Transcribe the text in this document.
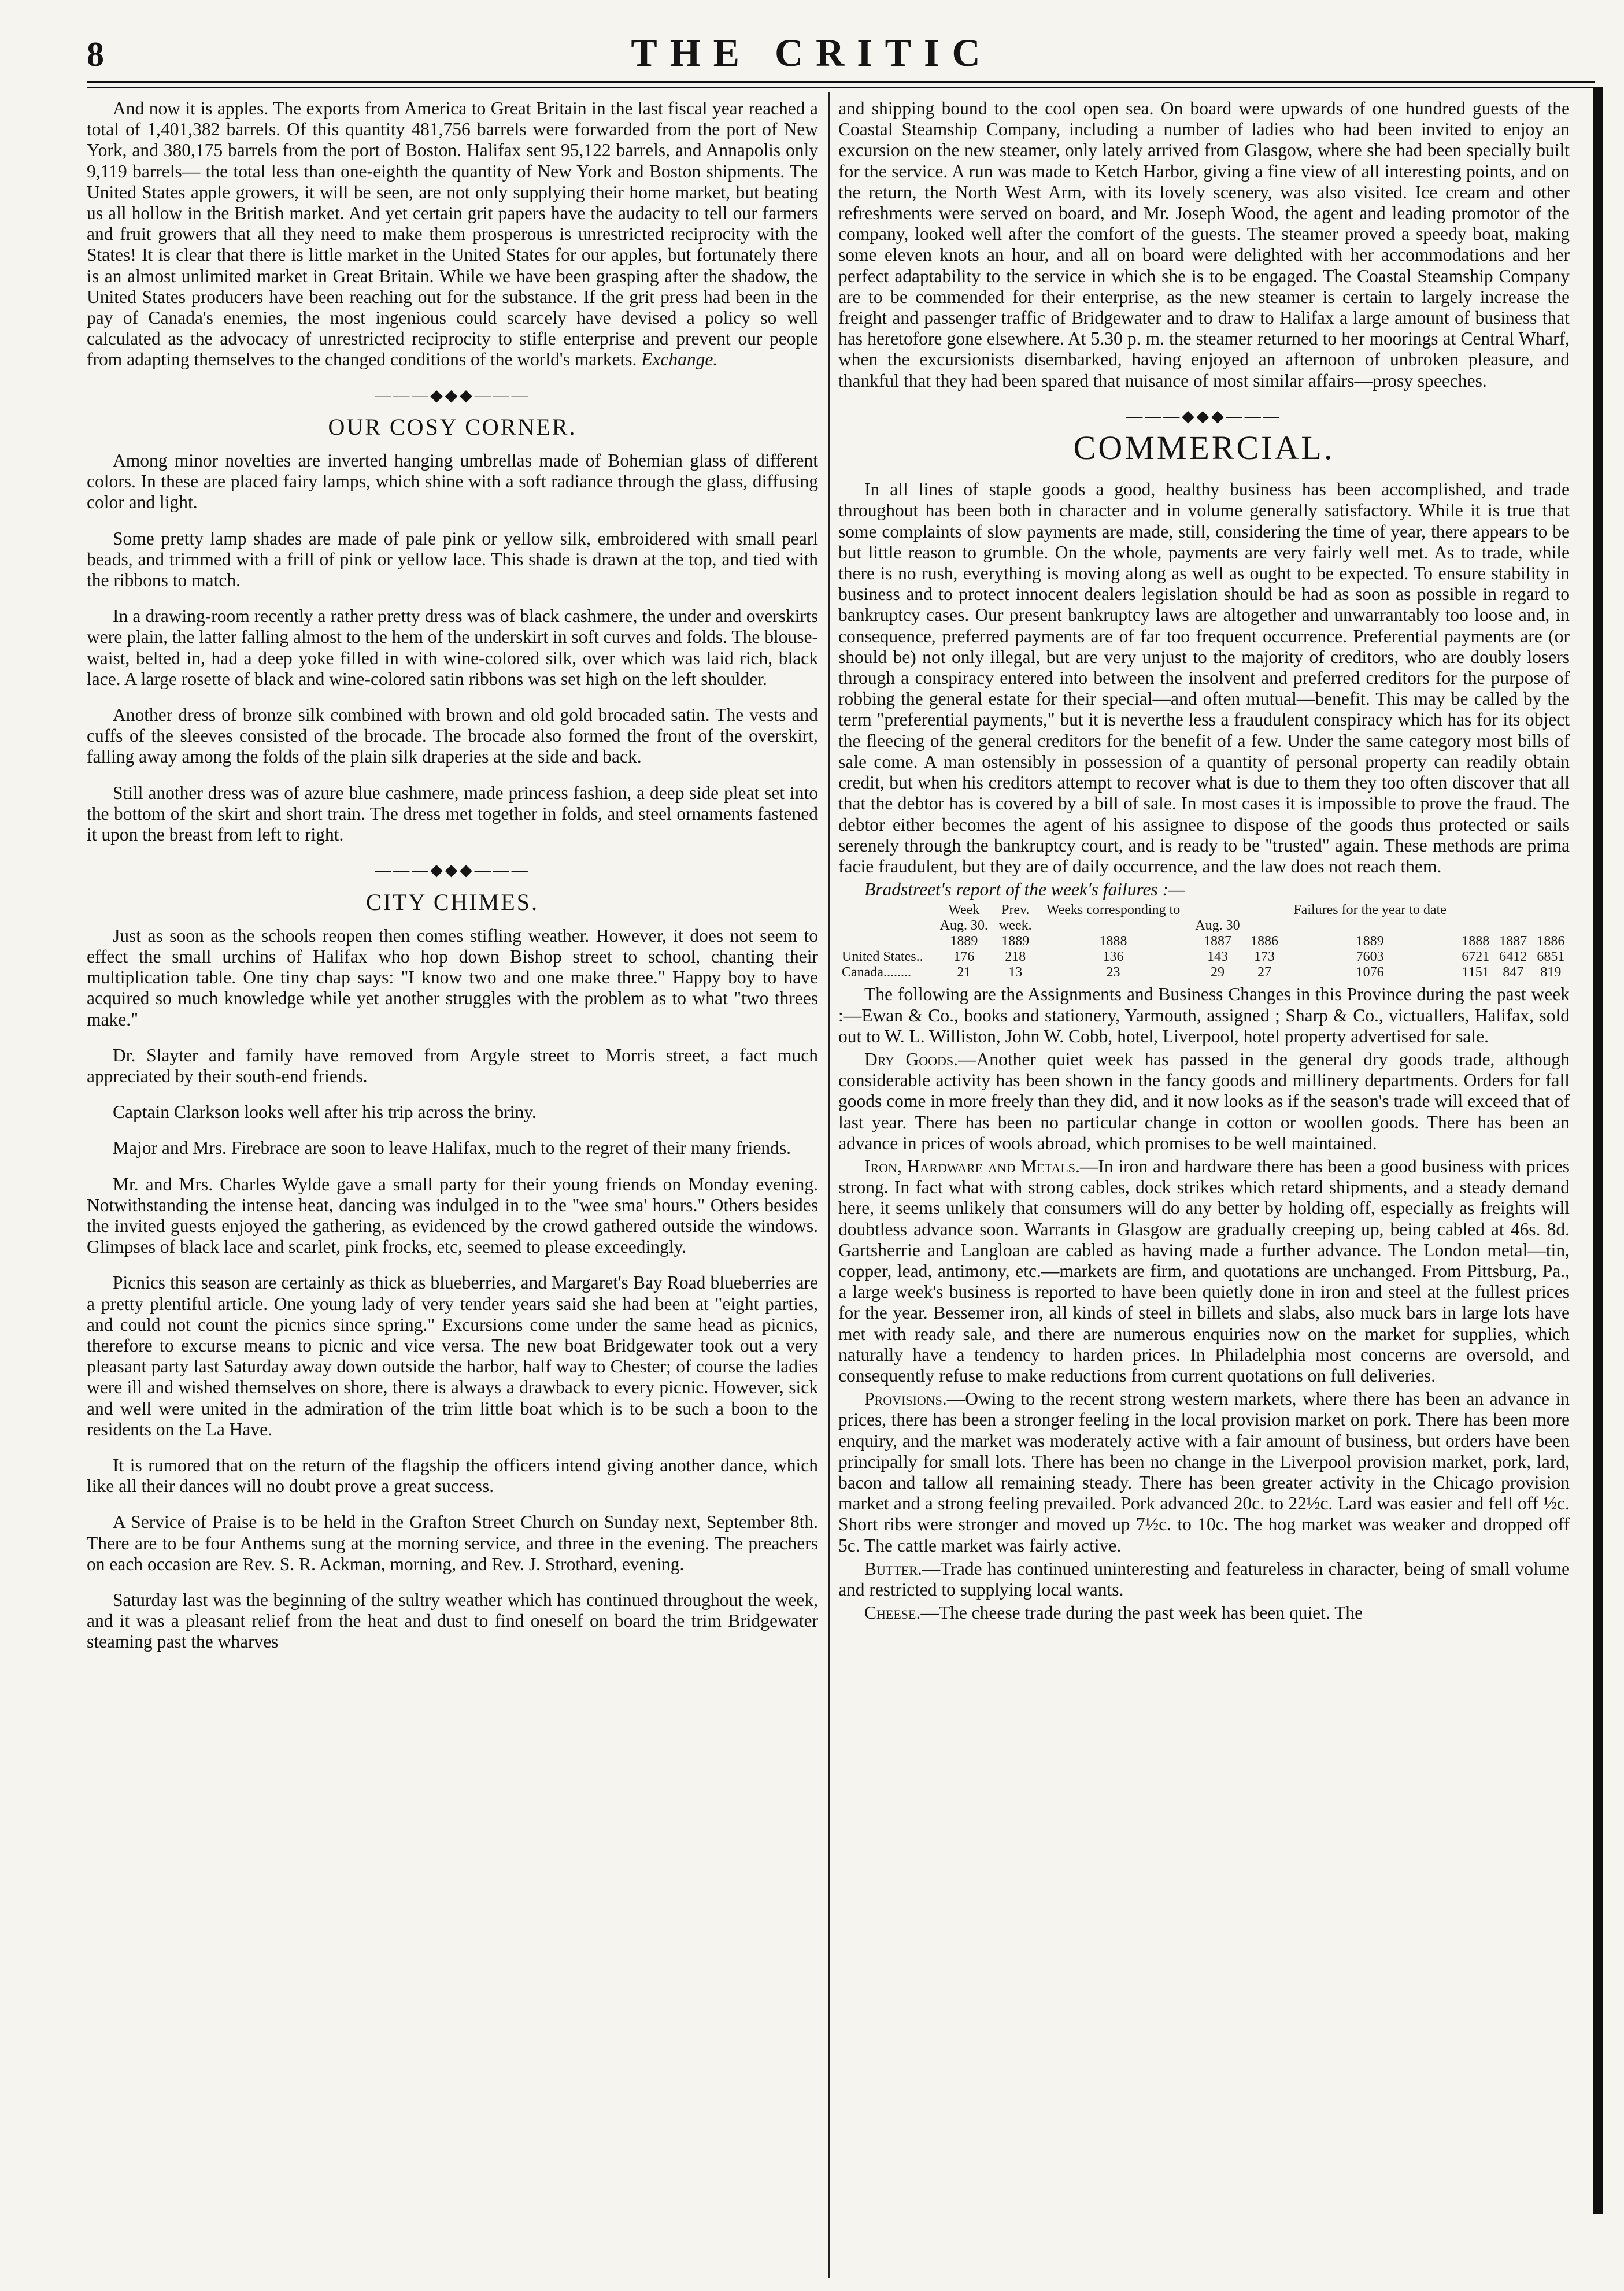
8	THE CRITIC

And now it is apples. The exports from America to Great Britain in the last fiscal year reached a total of 1,401,382 barrels. Of this quantity 481,756 barrels were forwarded from the port of New York, and 380,175 barrels from the port of Boston. Halifax sent 95,122 barrels, and Annapolis only 9,119 barrels— the total less than one-eighth the quantity of New York and Boston shipments. The United States apple growers, it will be seen, are not only supplying their home market, but beating us all hollow in the British market. And yet certain grit papers have the audacity to tell our farmers and fruit growers that all they need to make them prosperous is unrestricted reciprocity with the States! It is clear that there is little market in the United States for our apples, but fortunately there is an almost unlimited market in Great Britain. While we have been grasping after the shadow, the United States producers have been reaching out for the substance. If the grit press had been in the pay of Canada's enemies, the most ingenious could scarcely have devised a policy so well calculated as the advocacy of unrestricted reciprocity to stifle enterprise and prevent our people from adapting themselves to the changed conditions of the world's markets. Exchange.

———◆◆◆———
OUR COSY CORNER.

Among minor novelties are inverted hanging umbrellas made of Bohemian glass of different colors. In these are placed fairy lamps, which shine with a soft radiance through the glass, diffusing color and light.

Some pretty lamp shades are made of pale pink or yellow silk, embroidered with small pearl beads, and trimmed with a frill of pink or yellow lace. This shade is drawn at the top, and tied with the ribbons to match.

In a drawing-room recently a rather pretty dress was of black cashmere, the under and overskirts were plain, the latter falling almost to the hem of the underskirt in soft curves and folds. The blouse-waist, belted in, had a deep yoke filled in with wine-colored silk, over which was laid rich, black lace. A large rosette of black and wine-colored satin ribbons was set high on the left shoulder.

Another dress of bronze silk combined with brown and old gold brocaded satin. The vests and cuffs of the sleeves consisted of the brocade. The brocade also formed the front of the overskirt, falling away among the folds of the plain silk draperies at the side and back.

Still another dress was of azure blue cashmere, made princess fashion, a deep side pleat set into the bottom of the skirt and short train. The dress met together in folds, and steel ornaments fastened it upon the breast from left to right.

———◆◆◆———
CITY CHIMES.

Just as soon as the schools reopen then comes stifling weather. However, it does not seem to effect the small urchins of Halifax who hop down Bishop street to school, chanting their multiplication table. One tiny chap says: "I know two and one make three." Happy boy to have acquired so much knowledge while yet another struggles with the problem as to what "two threes make."

Dr. Slayter and family have removed from Argyle street to Morris street, a fact much appreciated by their south-end friends.

Captain Clarkson looks well after his trip across the briny.

Major and Mrs. Firebrace are soon to leave Halifax, much to the regret of their many friends.

Mr. and Mrs. Charles Wylde gave a small party for their young friends on Monday evening. Notwithstanding the intense heat, dancing was indulged in to the "wee sma' hours." Others besides the invited guests enjoyed the gathering, as evidenced by the crowd gathered outside the windows. Glimpses of black lace and scarlet, pink frocks, etc, seemed to please exceedingly.

Picnics this season are certainly as thick as blueberries, and Margaret's Bay Road blueberries are a pretty plentiful article. One young lady of very tender years said she had been at "eight parties, and could not count the picnics since spring." Excursions come under the same head as picnics, therefore to excurse means to picnic and vice versa. The new boat Bridgewater took out a very pleasant party last Saturday away down outside the harbor, half way to Chester; of course the ladies were ill and wished themselves on shore, there is always a drawback to every picnic. However, sick and well were united in the admiration of the trim little boat which is to be such a boon to the residents on the La Have.

It is rumored that on the return of the flagship the officers intend giving another dance, which like all their dances will no doubt prove a great success.

A Service of Praise is to be held in the Grafton Street Church on Sunday next, September 8th. There are to be four Anthems sung at the morning service, and three in the evening. The preachers on each occasion are Rev. S. R. Ackman, morning, and Rev. J. Strothard, evening.

Saturday last was the beginning of the sultry weather which has continued throughout the week, and it was a pleasant relief from the heat and dust to find oneself on board the trim Bridgewater steaming past the wharves

and shipping bound to the cool open sea. On board were upwards of one hundred guests of the Coastal Steamship Company, including a number of ladies who had been invited to enjoy an excursion on the new steamer, only lately arrived from Glasgow, where she had been specially built for the service. A run was made to Ketch Harbor, giving a fine view of all interesting points, and on the return, the North West Arm, with its lovely scenery, was also visited. Ice cream and other refreshments were served on board, and Mr. Joseph Wood, the agent and leading promotor of the company, looked well after the comfort of the guests. The steamer proved a speedy boat, making some eleven knots an hour, and all on board were delighted with her accommodations and her perfect adaptability to the service in which she is to be engaged. The Coastal Steamship Company are to be commended for their enterprise, as the new steamer is certain to largely increase the freight and passenger traffic of Bridgewater and to draw to Halifax a large amount of business that has heretofore gone elsewhere. At 5.30 p. m. the steamer returned to her moorings at Central Wharf, when the excursionists disembarked, having enjoyed an afternoon of unbroken pleasure, and thankful that they had been spared that nuisance of most similar affairs—prosy speeches.

———◆◆◆———
COMMERCIAL.

In all lines of staple goods a good, healthy business has been accomplished, and trade throughout has been both in character and in volume generally satisfactory. While it is true that some complaints of slow payments are made, still, considering the time of year, there appears to be but little reason to grumble. On the whole, payments are very fairly well met. As to trade, while there is no rush, everything is moving along as well as ought to be expected. To ensure stability in business and to protect innocent dealers legislation should be had as soon as possible in regard to bankruptcy cases. Our present bankruptcy laws are altogether and unwarrantably too loose and, in consequence, preferred payments are of far too frequent occurrence. Preferential payments are (or should be) not only illegal, but are very unjust to the majority of creditors, who are doubly losers through a conspiracy entered into between the insolvent and preferred creditors for the purpose of robbing the general estate for their special—and often mutual—benefit. This may be called by the term "preferential payments," but it is neverthe less a fraudulent conspiracy which has for its object the fleecing of the general creditors for the benefit of a few. Under the same category most bills of sale come. A man ostensibly in possession of a quantity of personal property can readily obtain credit, but when his creditors attempt to recover what is due to them they too often discover that all that the debtor has is covered by a bill of sale. In most cases it is impossible to prove the fraud. The debtor either becomes the agent of his assignee to dispose of the goods thus protected or sails serenely through the bankruptcy court, and is ready to be "trusted" again. These methods are prima facie fraudulent, but they are of daily occurrence, and the law does not reach them.

Bradstreet's report of the week's failures :—

	Week	Prev.	Weeks corresponding to			Failures for the year to date			
	Aug. 30.	week.		Aug. 30					
	1889	1889	1888	1887	1886	1889	1888	1887	1886
United States..	176	218	136	143	173	7603	6721	6412	6851
Canada........	21	13	23	29	27	1076	1151	847	819

The following are the Assignments and Business Changes in this Province during the past week :—Ewan & Co., books and stationery, Yarmouth, assigned ; Sharp & Co., victuallers, Halifax, sold out to W. L. Williston, John W. Cobb, hotel, Liverpool, hotel property advertised for sale.

Dry Goods.—Another quiet week has passed in the general dry goods trade, although considerable activity has been shown in the fancy goods and millinery departments. Orders for fall goods come in more freely than they did, and it now looks as if the season's trade will exceed that of last year. There has been no particular change in cotton or woollen goods. There has been an advance in prices of wools abroad, which promises to be well maintained.

Iron, Hardware and Metals.—In iron and hardware there has been a good business with prices strong. In fact what with strong cables, dock strikes which retard shipments, and a steady demand here, it seems unlikely that consumers will do any better by holding off, especially as freights will doubtless advance soon. Warrants in Glasgow are gradually creeping up, being cabled at 46s. 8d. Gartsherrie and Langloan are cabled as having made a further advance. The London metal—tin, copper, lead, antimony, etc.—markets are firm, and quotations are unchanged. From Pittsburg, Pa., a large week's business is reported to have been quietly done in iron and steel at the fullest prices for the year. Bessemer iron, all kinds of steel in billets and slabs, also muck bars in large lots have met with ready sale, and there are numerous enquiries now on the market for supplies, which naturally have a tendency to harden prices. In Philadelphia most concerns are oversold, and consequently refuse to make reductions from current quotations on full deliveries.

Provisions.—Owing to the recent strong western markets, where there has been an advance in prices, there has been a stronger feeling in the local provision market on pork. There has been more enquiry, and the market was moderately active with a fair amount of business, but orders have been principally for small lots. There has been no change in the Liverpool provision market, pork, lard, bacon and tallow all remaining steady. There has been greater activity in the Chicago provision market and a strong feeling prevailed. Pork advanced 20c. to 22½c. Lard was easier and fell off ½c. Short ribs were stronger and moved up 7½c. to 10c. The hog market was weaker and dropped off 5c. The cattle market was fairly active.

Butter.—Trade has continued uninteresting and featureless in character, being of small volume and restricted to supplying local wants.

Cheese.—The cheese trade during the past week has been quiet. The
